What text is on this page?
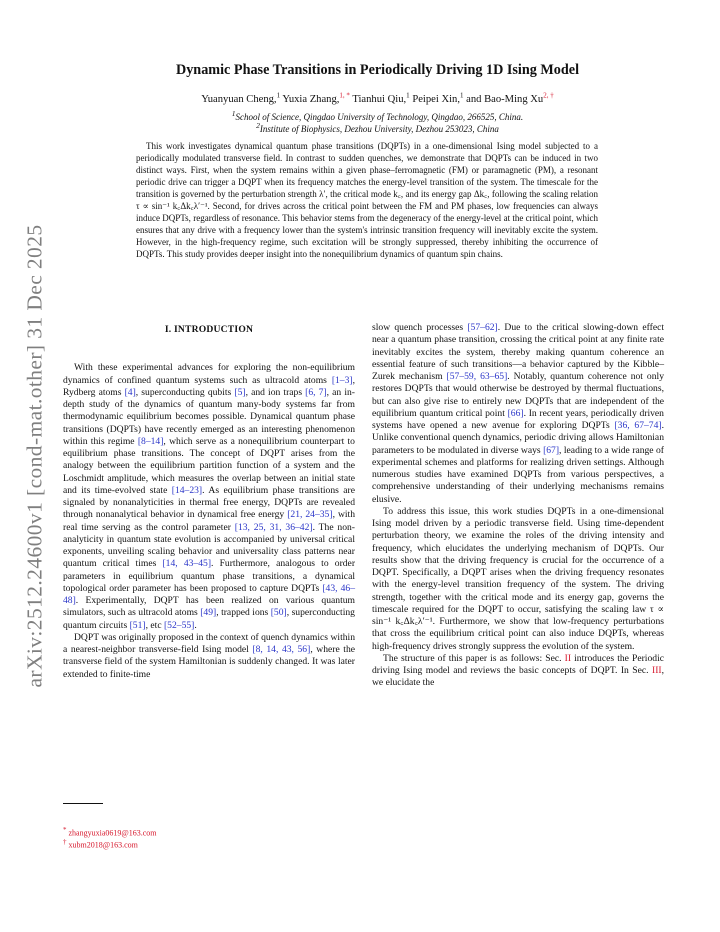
arXiv:2512.24600v1 [cond-mat.other] 31 Dec 2025
Dynamic Phase Transitions in Periodically Driving 1D Ising Model
Yuanyuan Cheng,$^1$ Yuxia Zhang,$^{1, *}$ Tianhui Qiu,$^1$ Peipei Xin,$^1$ and Bao-Ming $Xu^{2, \dagger}$
$^1$School of Science, Qingdao University of Technology, Qingdao, 266525, China.
$^2$Institute of Biophysics, Dezhou University, Dezhou 253023, China
This work investigates dynamical quantum phase transitions (DQPTs) in a one-dimensional Ising model subjected to a periodically modulated transverse field. In contrast to sudden quenches, we demonstrate that DQPTs can be induced in two distinct ways. First, when the system remains within a given phase–ferromagnetic (FM) or paramagnetic (PM), a resonant periodic drive can trigger a DQPT when its frequency matches the energy-level transition of the system. The timescale for the transition is governed by the perturbation strength λ′, the critical mode k꜀, and its energy gap Δk꜀, following the scaling relation τ ∝ sin⁻¹ k꜀Δk꜀λ′⁻¹. Second, for drives across the critical point between the FM and PM phases, low frequencies can always induce DQPTs, regardless of resonance. This behavior stems from the degeneracy of the energy-level at the critical point, which ensures that any drive with a frequency lower than the system's intrinsic transition frequency will inevitably excite the system. However, in the high-frequency regime, such excitation will be strongly suppressed, thereby inhibiting the occurrence of DQPTs. This study provides deeper insight into the nonequilibrium dynamics of quantum spin chains.
I. INTRODUCTION

With these experimental advances for exploring the non-equilibrium dynamics of confined quantum systems such as ultracold atoms [1–3], Rydberg atoms [4], superconducting qubits [5], and ion traps [6, 7], an in-depth study of the dynamics of quantum many-body systems far from thermodynamic equilibrium becomes possible. Dynamical quantum phase transitions (DQPTs) have recently emerged as an interesting phenomenon within this regime [8–14], which serve as a nonequilibrium counterpart to equilibrium phase transitions. The concept of DQPT arises from the analogy between the equilibrium partition function of a system and the Loschmidt amplitude, which measures the overlap between an initial state and its time-evolved state [14–23]. As equilibrium phase transitions are signaled by nonanalyticities in thermal free energy, DQPTs are revealed through nonanalytical behavior in dynamical free energy [21, 24–35], with real time serving as the control parameter [13, 25, 31, 36–42]. The non-analyticity in quantum state evolution is accompanied by universal critical exponents, unveiling scaling behavior and universality class patterns near quantum critical times [14, 43–45]. Furthermore, analogous to order parameters in equilibrium quantum phase transitions, a dynamical topological order parameter has been proposed to capture DQPTs [43, 46–48]. Experimentally, DQPT has been realized on various quantum simulators, such as ultracold atoms [49], trapped ions [50], superconducting quantum circuits [51], etc [52–55].

DQPT was originally proposed in the context of quench dynamics within a nearest-neighbor transverse-field Ising model [8, 14, 43, 56], where the transverse field of the system Hamiltonian is suddenly changed. It was later extended to finite-time

slow quench processes [57–62]. Due to the critical slowing-down effect near a quantum phase transition, crossing the critical point at any finite rate inevitably excites the system, thereby making quantum coherence an essential feature of such transitions—a behavior captured by the Kibble–Zurek mechanism [57–59, 63–65]. Notably, quantum coherence not only restores DQPTs that would otherwise be destroyed by thermal fluctuations, but can also give rise to entirely new DQPTs that are independent of the equilibrium quantum critical point [66]. In recent years, periodically driven systems have opened a new avenue for exploring DQPTs [36, 67–74]. Unlike conventional quench dynamics, periodic driving allows Hamiltonian parameters to be modulated in diverse ways [67], leading to a wide range of experimental schemes and platforms for realizing driven settings. Although numerous studies have examined DQPTs from various perspectives, a comprehensive understanding of their underlying mechanisms remains elusive.

To address this issue, this work studies DQPTs in a one-dimensional Ising model driven by a periodic transverse field. Using time-dependent perturbation theory, we examine the roles of the driving intensity and frequency, which elucidates the underlying mechanism of DQPTs. Our results show that the driving frequency is crucial for the occurrence of a DQPT. Specifically, a DQPT arises when the driving frequency resonates with the energy-level transition frequency of the system. The driving strength, together with the critical mode and its energy gap, governs the timescale required for the DQPT to occur, satisfying the scaling law τ ∝ sin⁻¹ k꜀Δk꜀λ′⁻¹. Furthermore, we show that low-frequency perturbations that cross the equilibrium critical point can also induce DQPTs, whereas high-frequency drives strongly suppress the evolution of the system.

The structure of this paper is as follows: Sec. II introduces the Periodic driving Ising model and reviews the basic concepts of DQPT. In Sec. III, we elucidate the

* zhangyuxia0619@163.com
† xubm2018@163.com
